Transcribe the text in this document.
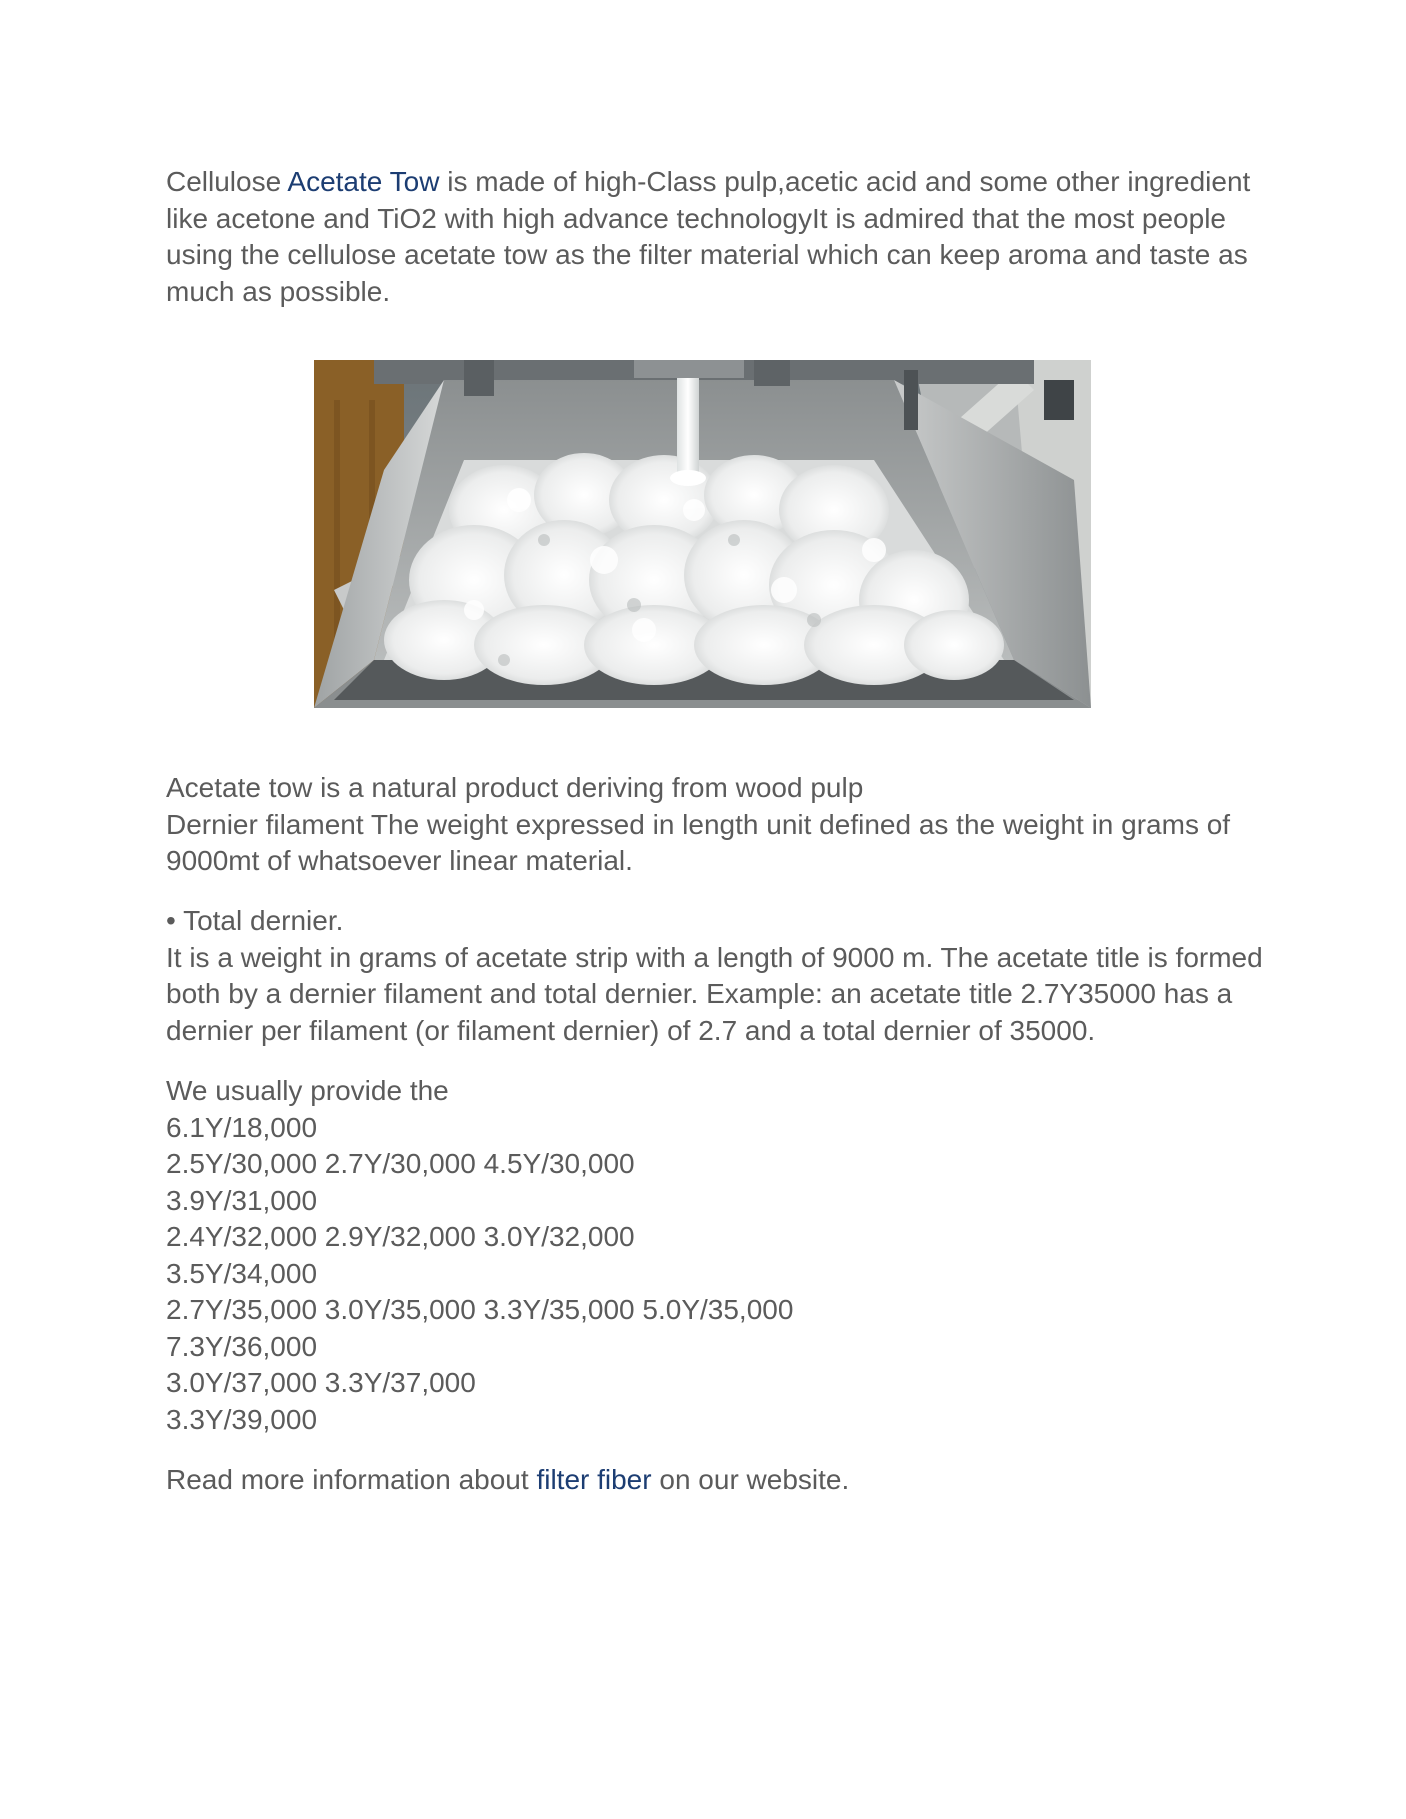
Cellulose Acetate Tow is made of high-Class pulp,acetic acid and some other ingredient like acetone and TiO2 with high advance technologyIt is admired that the most people using the cellulose acetate tow as the filter material which can keep aroma and taste as much as possible.

Acetate tow is a natural product deriving from wood pulp

Dernier filament The weight expressed in length unit defined as the weight in grams of 9000mt of whatsoever linear material.

• Total dernier.

It is a weight in grams of acetate strip with a length of 9000 m. The acetate title is formed both by a dernier filament and total dernier. Example: an acetate title 2.7Y35000 has a dernier per filament (or filament dernier) of 2.7 and a total dernier of 35000.

We usually provide the

6.1Y/18,000

2.5Y/30,000 2.7Y/30,000 4.5Y/30,000

3.9Y/31,000

2.4Y/32,000 2.9Y/32,000 3.0Y/32,000

3.5Y/34,000

2.7Y/35,000 3.0Y/35,000 3.3Y/35,000 5.0Y/35,000

7.3Y/36,000

3.0Y/37,000 3.3Y/37,000

3.3Y/39,000

Read more information about filter fiber on our website.
